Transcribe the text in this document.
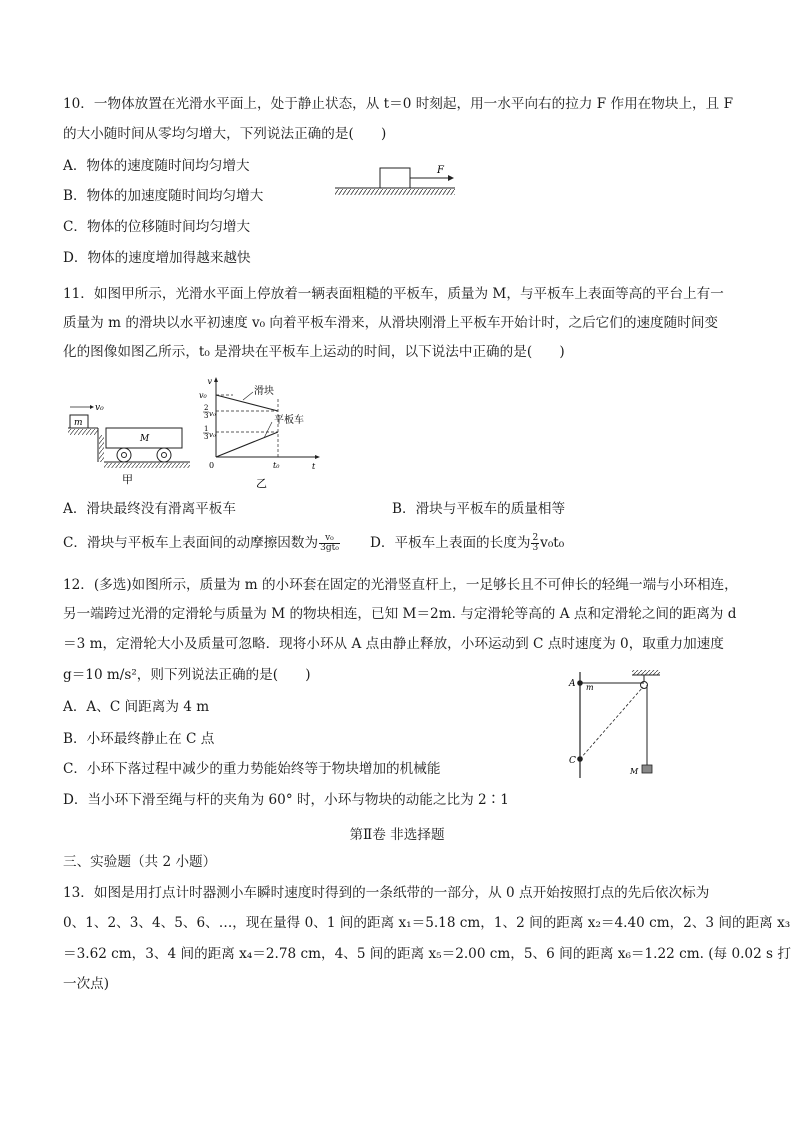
10．一物体放置在光滑水平面上，处于静止状态，从 t＝0 时刻起，用一水平向右的拉力 F 作用在物块上，且 F
的大小随时间从零均匀增大，下列说法正确的是(　　)
A．物体的速度随时间均匀增大
B．物体的加速度随时间均匀增大
C．物体的位移随时间均匀增大
D．物体的速度增加得越来越快
F
11．如图甲所示，光滑水平面上停放着一辆表面粗糙的平板车，质量为 M，与平板车上表面等高的平台上有一
质量为 m 的滑块以水平初速度 v₀ 向着平板车滑来，从滑块刚滑上平板车开始计时，之后它们的速度随时间变
化的图像如图乙所示，t₀ 是滑块在平板车上运动的时间，以下说法中正确的是(　　)
m
v₀
M
甲
v
t
0
v₀
2
3 v₀
1
3 v₀
滑块
平板车
t₀
乙
A．滑块最终没有滑离平板车	B．滑块与平板车的质量相等
C．滑块与平板车上表面间的动摩擦因数为 $\frac{\text{v₀}}{\text{3gt₀}}$ D．平板车上表面的长度为 $\frac{2}{3} v_0t_0$
12．(多选)如图所示，质量为 m 的小环套在固定的光滑竖直杆上，一足够长且不可伸长的轻绳一端与小环相连，
另一端跨过光滑的定滑轮与质量为 M 的物块相连，已知 M＝2m. 与定滑轮等高的 A 点和定滑轮之间的距离为 d
＝3 m，定滑轮大小及质量可忽略．现将小环从 A 点由静止释放，小环运动到 C 点时速度为 0，取重力加速度
g＝10 m/s²，则下列说法正确的是(　　)
A．A、C 间距离为 4 m
B．小环最终静止在 C 点
C．小环下落过程中减少的重力势能始终等于物块增加的机械能
D．当小环下滑至绳与杆的夹角为 60° 时，小环与物块的动能之比为 2∶1
A m
C
M
第Ⅱ卷 非选择题
三、实验题（共 2 小题）
13．如图是用打点计时器测小车瞬时速度时得到的一条纸带的一部分，从 0 点开始按照打点的先后依次标为
0、1、2、3、4、5、6、…，现在量得 0、1 间的距离 x₁＝5.18 cm，1、2 间的距离 x₂＝4.40 cm，2、3 间的距离 x₃
＝3.62 cm，3、4 间的距离 x₄＝2.78 cm，4、5 间的距离 x₅＝2.00 cm，5、6 间的距离 x₆＝1.22 cm. (每 0.02 s 打
一次点)
